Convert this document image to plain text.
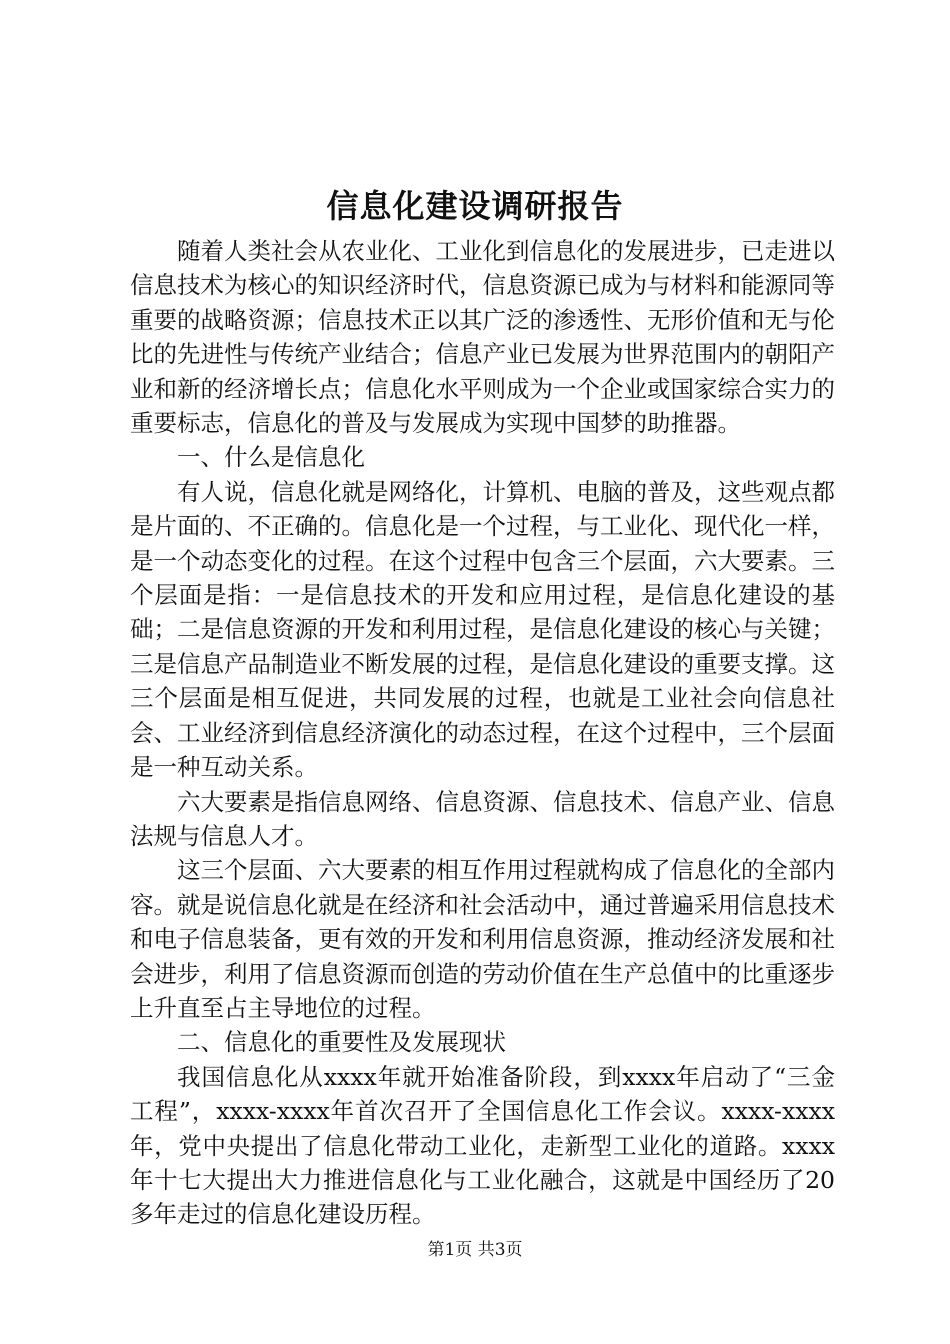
信息化建设调研报告

随着人类社会从农业化、工业化到信息化的发展进步，已走进以信息技术为核心的知识经济时代，信息资源已成为与材料和能源同等重要的战略资源；信息技术正以其广泛的渗透性、无形价值和无与伦比的先进性与传统产业结合；信息产业已发展为世界范围内的朝阳产业和新的经济增长点；信息化水平则成为一个企业或国家综合实力的重要标志，信息化的普及与发展成为实现中国梦的助推器。

一、什么是信息化

有人说，信息化就是网络化，计算机、电脑的普及，这些观点都是片面的、不正确的。信息化是一个过程，与工业化、现代化一样，是一个动态变化的过程。在这个过程中包含三个层面，六大要素。三个层面是指：一是信息技术的开发和应用过程，是信息化建设的基础；二是信息资源的开发和利用过程，是信息化建设的核心与关键；三是信息产品制造业不断发展的过程，是信息化建设的重要支撑。这三个层面是相互促进，共同发展的过程，也就是工业社会向信息社会、工业经济到信息经济演化的动态过程，在这个过程中，三个层面是一种互动关系。

六大要素是指信息网络、信息资源、信息技术、信息产业、信息法规与信息人才。

这三个层面、六大要素的相互作用过程就构成了信息化的全部内容。就是说信息化就是在经济和社会活动中，通过普遍采用信息技术和电子信息装备，更有效的开发和利用信息资源，推动经济发展和社会进步，利用了信息资源而创造的劳动价值在生产总值中的比重逐步上升直至占主导地位的过程。

二、信息化的重要性及发展现状

我国信息化从xxxx年就开始准备阶段，到xxxx年启动了“三金工程”，xxxx-xxxx年首次召开了全国信息化工作会议。xxxx-xxxx年，党中央提出了信息化带动工业化，走新型工业化的道路。xxxx年十七大提出大力推进信息化与工业化融合，这就是中国经历了20多年走过的信息化建设历程。

第1页 共3页
